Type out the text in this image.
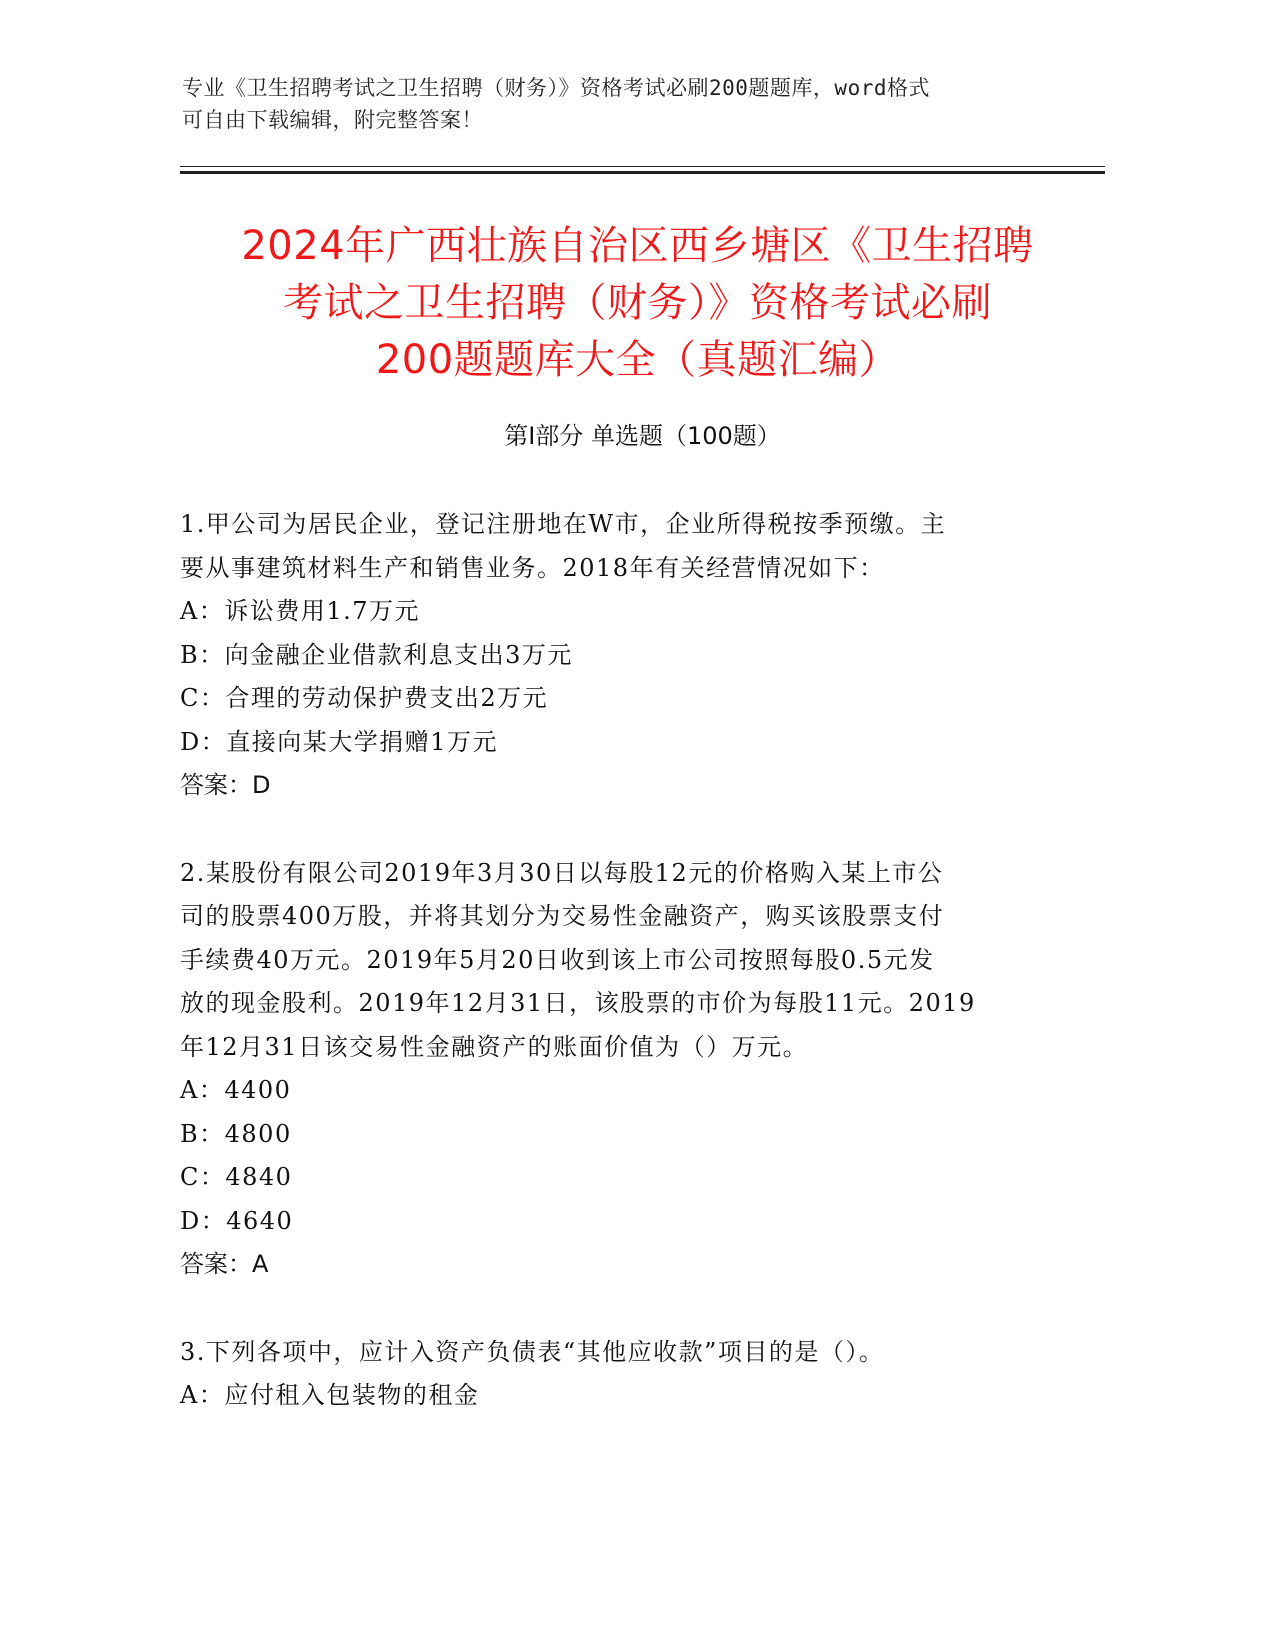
专业《卫生招聘考试之卫生招聘（财务）》资格考试必刷200题题库，word格式
可自由下载编辑，附完整答案！
2024年广西壮族自治区西乡塘区《卫生招聘
考试之卫生招聘（财务）》资格考试必刷
200题题库大全（真题汇编）
第Ⅰ部分 单选题（100题）
1.甲公司为居民企业，登记注册地在W市，企业所得税按季预缴。主
要从事建筑材料生产和销售业务。2018年有关经营情况如下：
A：诉讼费用1.7万元
B：向金融企业借款利息支出3万元
C：合理的劳动保护费支出2万元
D：直接向某大学捐赠1万元
答案：D
2.某股份有限公司2019年3月30日以每股12元的价格购入某上市公
司的股票400万股，并将其划分为交易性金融资产，购买该股票支付
手续费40万元。2019年5月20日收到该上市公司按照每股0.5元发
放的现金股利。2019年12月31日，该股票的市价为每股11元。2019
年12月31日该交易性金融资产的账面价值为（）万元。
A：4400
B：4800
C：4840
D：4640
答案：A
3.下列各项中，应计入资产负债表“其他应收款”项目的是（）。
A：应付租入包装物的租金
